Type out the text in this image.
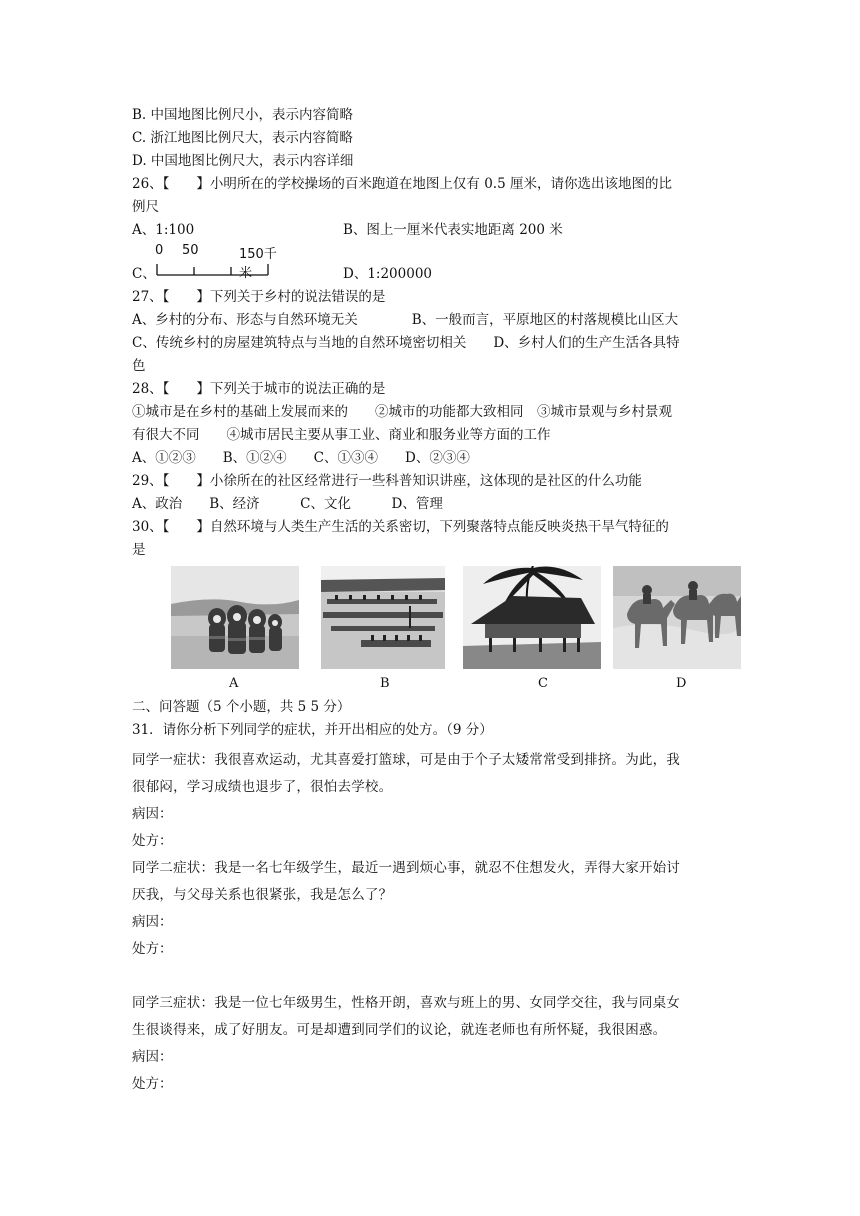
B. 中国地图比例尺小，表示内容简略
C. 浙江地图比例尺大，表示内容简略
D. 中国地图比例尺大，表示内容详细
26、【　　】小明所在的学校操场的百米跑道在地图上仅有 0.5 厘米，请你选出该地图的比
例尺
A、1:100	B、图上一厘米代表实地距离 200 米
C、
0 50	150千米	D、1:200000
27、【　　】下列关于乡村的说法错误的是
A、乡村的分布、形态与自然环境无关　　　　B、一般而言，平原地区的村落规模比山区大
C、传统乡村的房屋建筑特点与当地的自然环境密切相关　　D、乡村人们的生产生活各具特
色
28、【　　】下列关于城市的说法正确的是
①城市是在乡村的基础上发展而来的　　②城市的功能都大致相同　③城市景观与乡村景观
有很大不同　　④城市居民主要从事工业、商业和服务业等方面的工作
A、①②③　　B、①②④　　C、①③④　　D、②③④
29、【　　】小徐所在的社区经常进行一些科普知识讲座，这体现的是社区的什么功能
A、政治　　B、经济　　　C、文化　　　D、管理
30、【　　】自然环境与人类生产生活的关系密切，下列聚落特点能反映炎热干旱气特征的
是
A	B	C	D
二、问答题（5 个小题，共 5 5 分）
31．请你分析下列同学的症状，并开出相应的处方。（9 分）
同学一症状：我很喜欢运动，尤其喜爱打篮球，可是由于个子太矮常常受到排挤。为此，我
很郁闷，学习成绩也退步了，很怕去学校。
病因：
处方：
同学二症状：我是一名七年级学生，最近一遇到烦心事，就忍不住想发火，弄得大家开始讨
厌我，与父母关系也很紧张，我是怎么了？
病因：
处方：
同学三症状：我是一位七年级男生，性格开朗，喜欢与班上的男、女同学交往，我与同桌女
生很谈得来，成了好朋友。可是却遭到同学们的议论，就连老师也有所怀疑，我很困惑。
病因：
处方：
